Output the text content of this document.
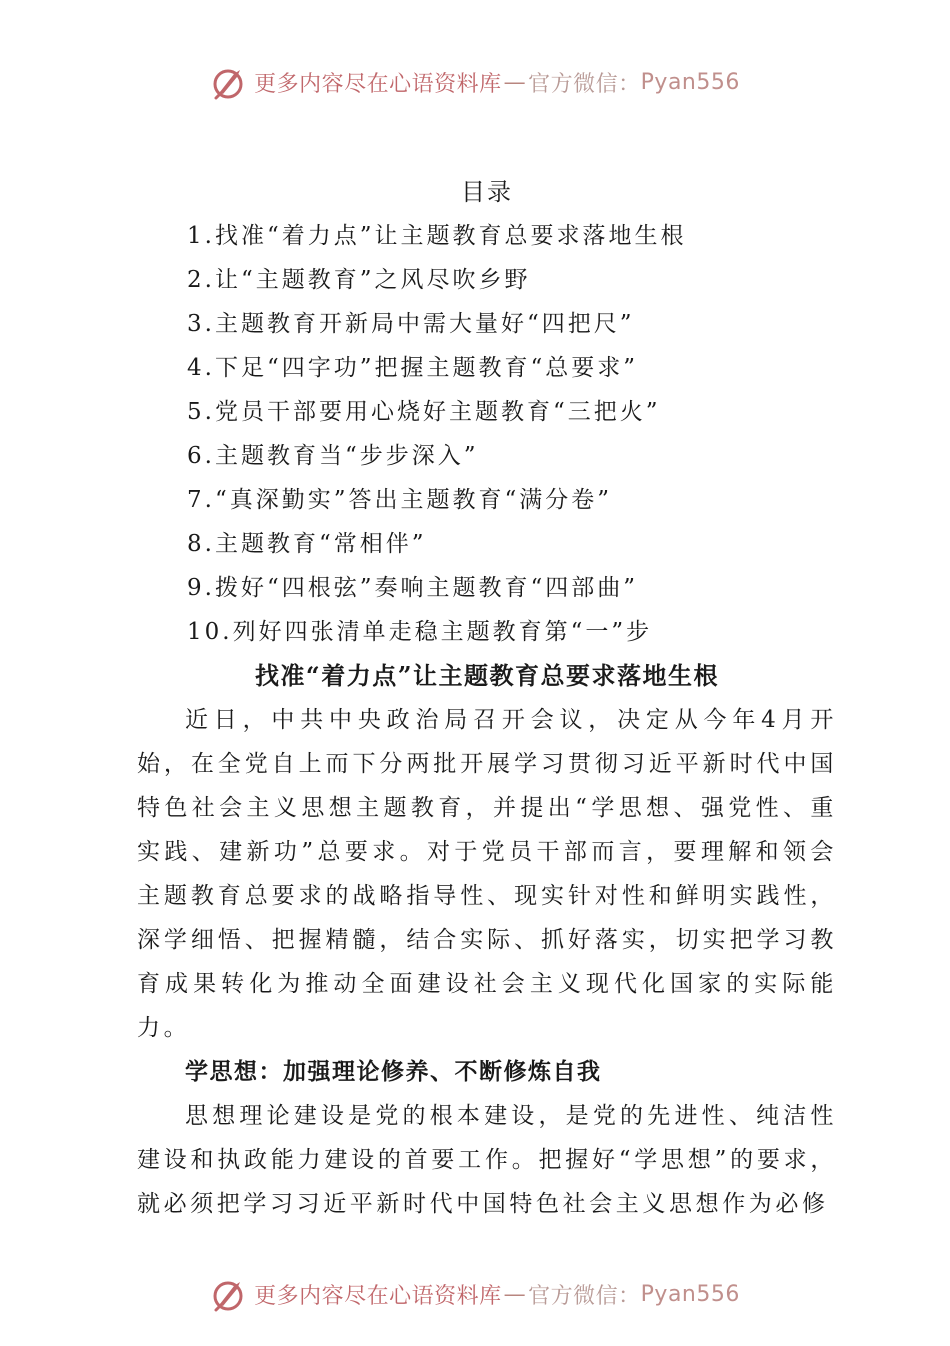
更多内容尽在心语资料库 — 官方微信： Pyan556
目录
1.找准“着力点”让主题教育总要求落地生根
2.让“主题教育”之风尽吹乡野
3.主题教育开新局中需大量好“四把尺”
4.下足“四字功”把握主题教育“总要求”
5.党员干部要用心烧好主题教育“三把火”
6.主题教育当“步步深入”
7.“真深勤实”答出主题教育“满分卷”
8.主题教育“常相伴”
9.拨好“四根弦”奏响主题教育“四部曲”
10.列好四张清单走稳主题教育第“一”步
找准“着力点”让主题教育总要求落地生根

近日，中共中央政治局召开会议，决定从今年4月开始，在全党自上而下分两批开展学习贯彻习近平新时代中国特色社会主义思想主题教育，并提出“学思想、强党性、重实践、建新功”总要求。对于党员干部而言，要理解和领会主题教育总要求的战略指导性、现实针对性和鲜明实践性，深学细悟、把握精髓，结合实际、抓好落实，切实把学习教育成果转化为推动全面建设社会主义现代化国家的实际能力。

学思想：加强理论修养、不断修炼自我

思想理论建设是党的根本建设，是党的先进性、纯洁性建设和执政能力建设的首要工作。把握好“学思想”的要求，就必须把学习习近平新时代中国特色社会主义思想作为必修

更多内容尽在心语资料库 — 官方微信： Pyan556
